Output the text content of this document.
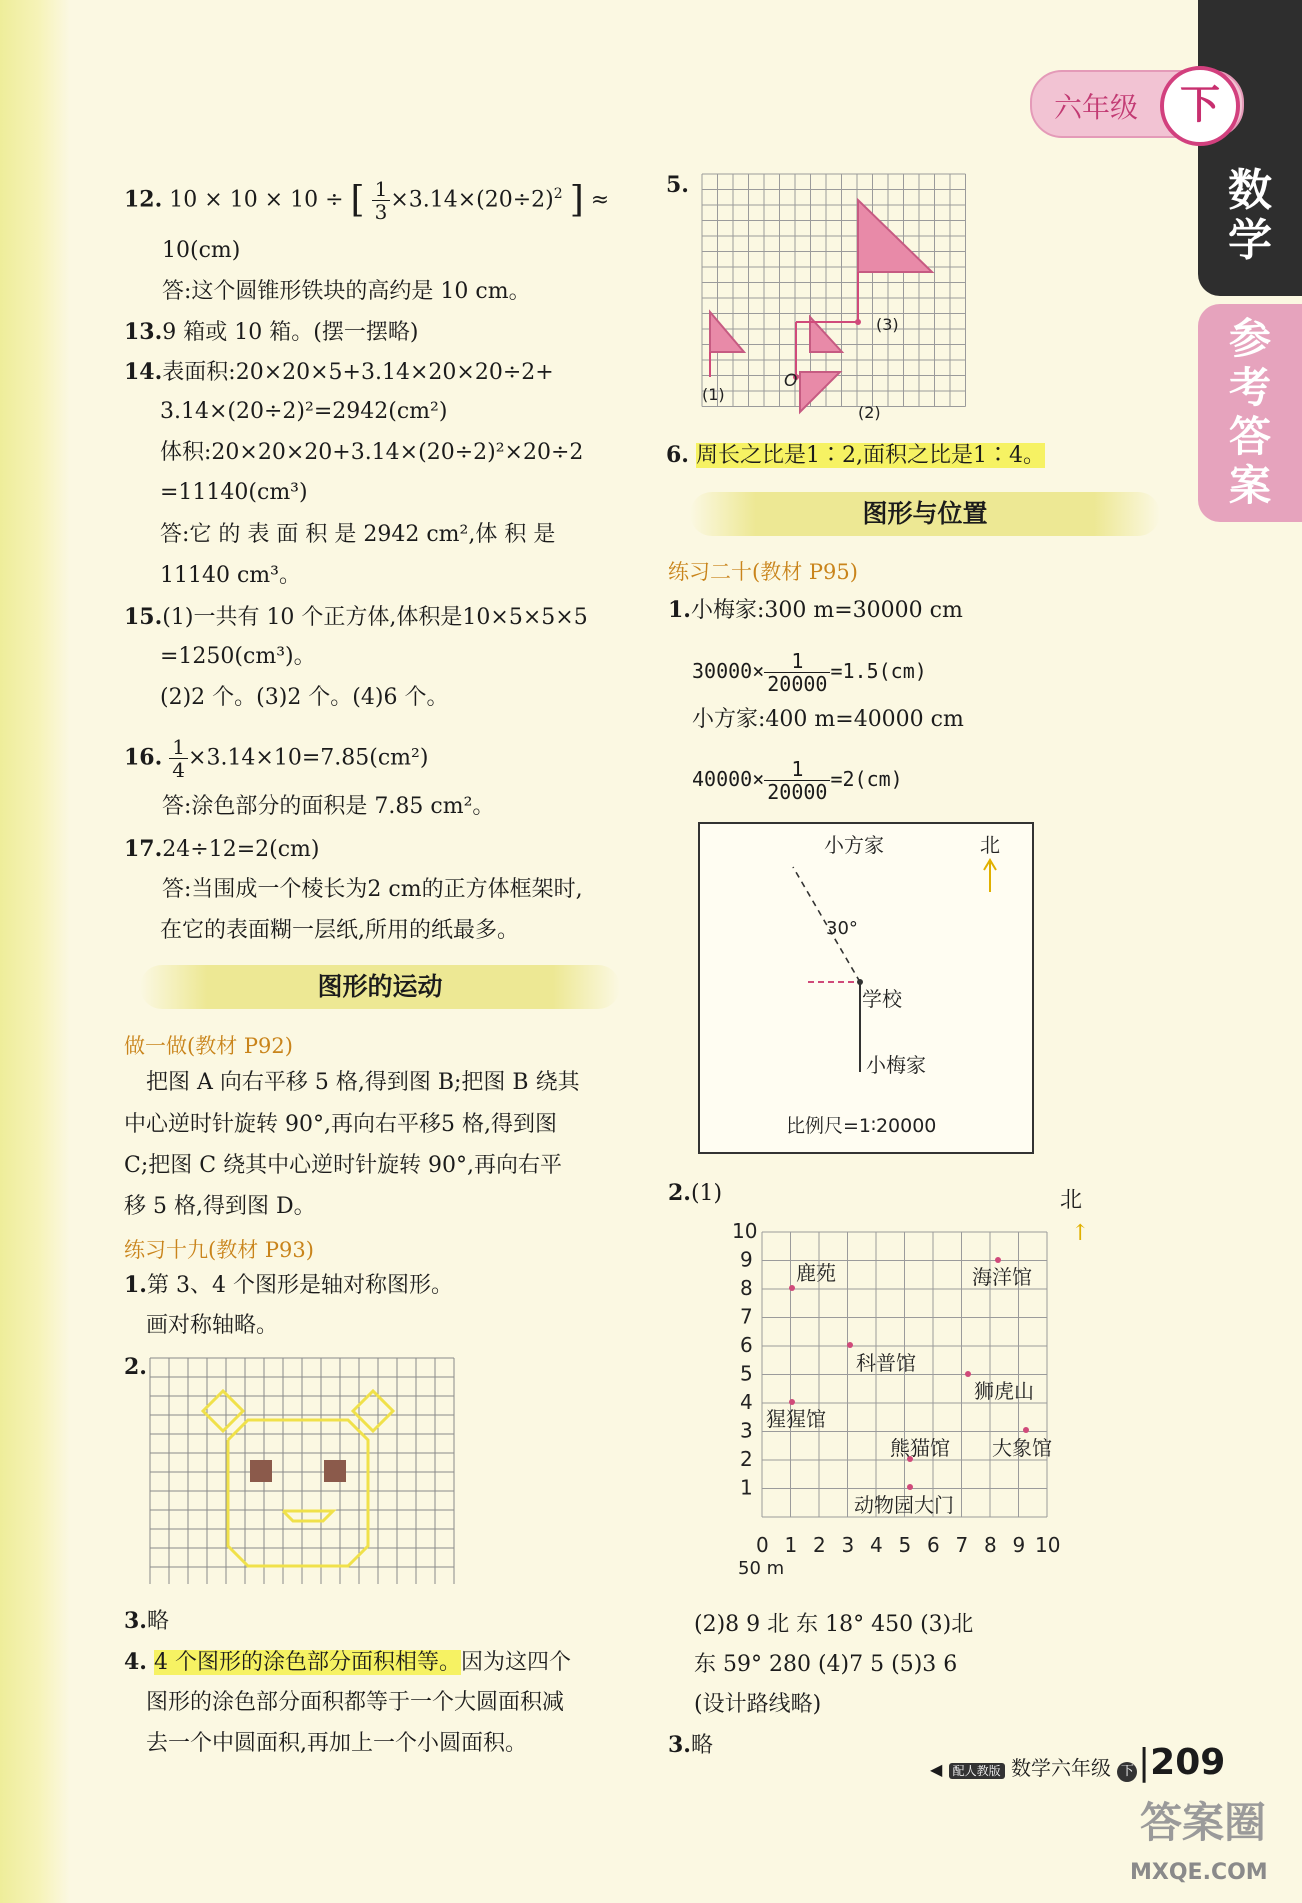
数学
参考答案
六年级	下
12. 10 × 10 × 10 ÷ [ $\frac{1}{3} \times 3.14\times(20\div 2)^2$ ] ≈
10(cm)
答:这个圆锥形铁块的高约是 10 cm。
13.9 箱或 10 箱。(摆一摆略)
14.表面积:20×20×5+3.14×20×20÷2+
3.14×(20÷2)²=2942(cm²)
体积:20×20×20+3.14×(20÷2)²×20÷2
=11140(cm³)
答:它 的 表 面 积 是 2942 cm²,体 积 是
11140 cm³。
15.(1)一共有 10 个正方体,体积是10×5×5×5
=1250(cm³)。
(2)2 个。(3)2 个。(4)6 个。
16. $\frac{1}{4} \times 3.14\times 10=7.85(cm^2)$
答:涂色部分的面积是 7.85 cm²。
17.24÷12=2(cm)
答:当围成一个棱长为2 cm的正方体框架时,
在它的表面糊一层纸,所用的纸最多。
图形的运动
做一做(教材 P92)
把图 A 向右平移 5 格,得到图 B;把图 B 绕其
中心逆时针旋转 90°,再向右平移5 格,得到图
C;把图 C 绕其中心逆时针旋转 90°,再向右平
移 5 格,得到图 D。
练习十九(教材 P93)
1.第 3、4 个图形是轴对称图形。
画对称轴略。
2.
3.略
4. 4 个图形的涂色部分面积相等。因为这四个
图形的涂色部分面积都等于一个大圆面积减
去一个中圆面积,再加上一个小圆面积。
5.
(1)
(2)
(3)
O
6. 周长之比是1∶2,面积之比是1∶4。
图形与位置
练习二十(教材 P95)
1.小梅家:300 m=30000 cm
$30000\times \frac{1}{20000} =1.5(cm)$
小方家:400 m=40000 cm
$40000\times \frac{1}{20000} =2(cm)$
小方家	北
30°
学校
小梅家
比例尺=1∶20000
2.(1)	北
↑
10
9
8
7
6
5
4
3
2
1
0 1 2 3 4 5 6 7 8 9 10
鹿苑	海洋馆
科普馆
狮虎山
猩猩馆
熊猫馆 大象馆
动物园大门
50 m
(2)8 9 北 东 18° 450 (3)北
东 59° 280 (4)7 5 (5)3 6
(设计路线略)
3.略
◀ 配人教版 数学六年级 下 |209
答案圈
MXQE.COM
